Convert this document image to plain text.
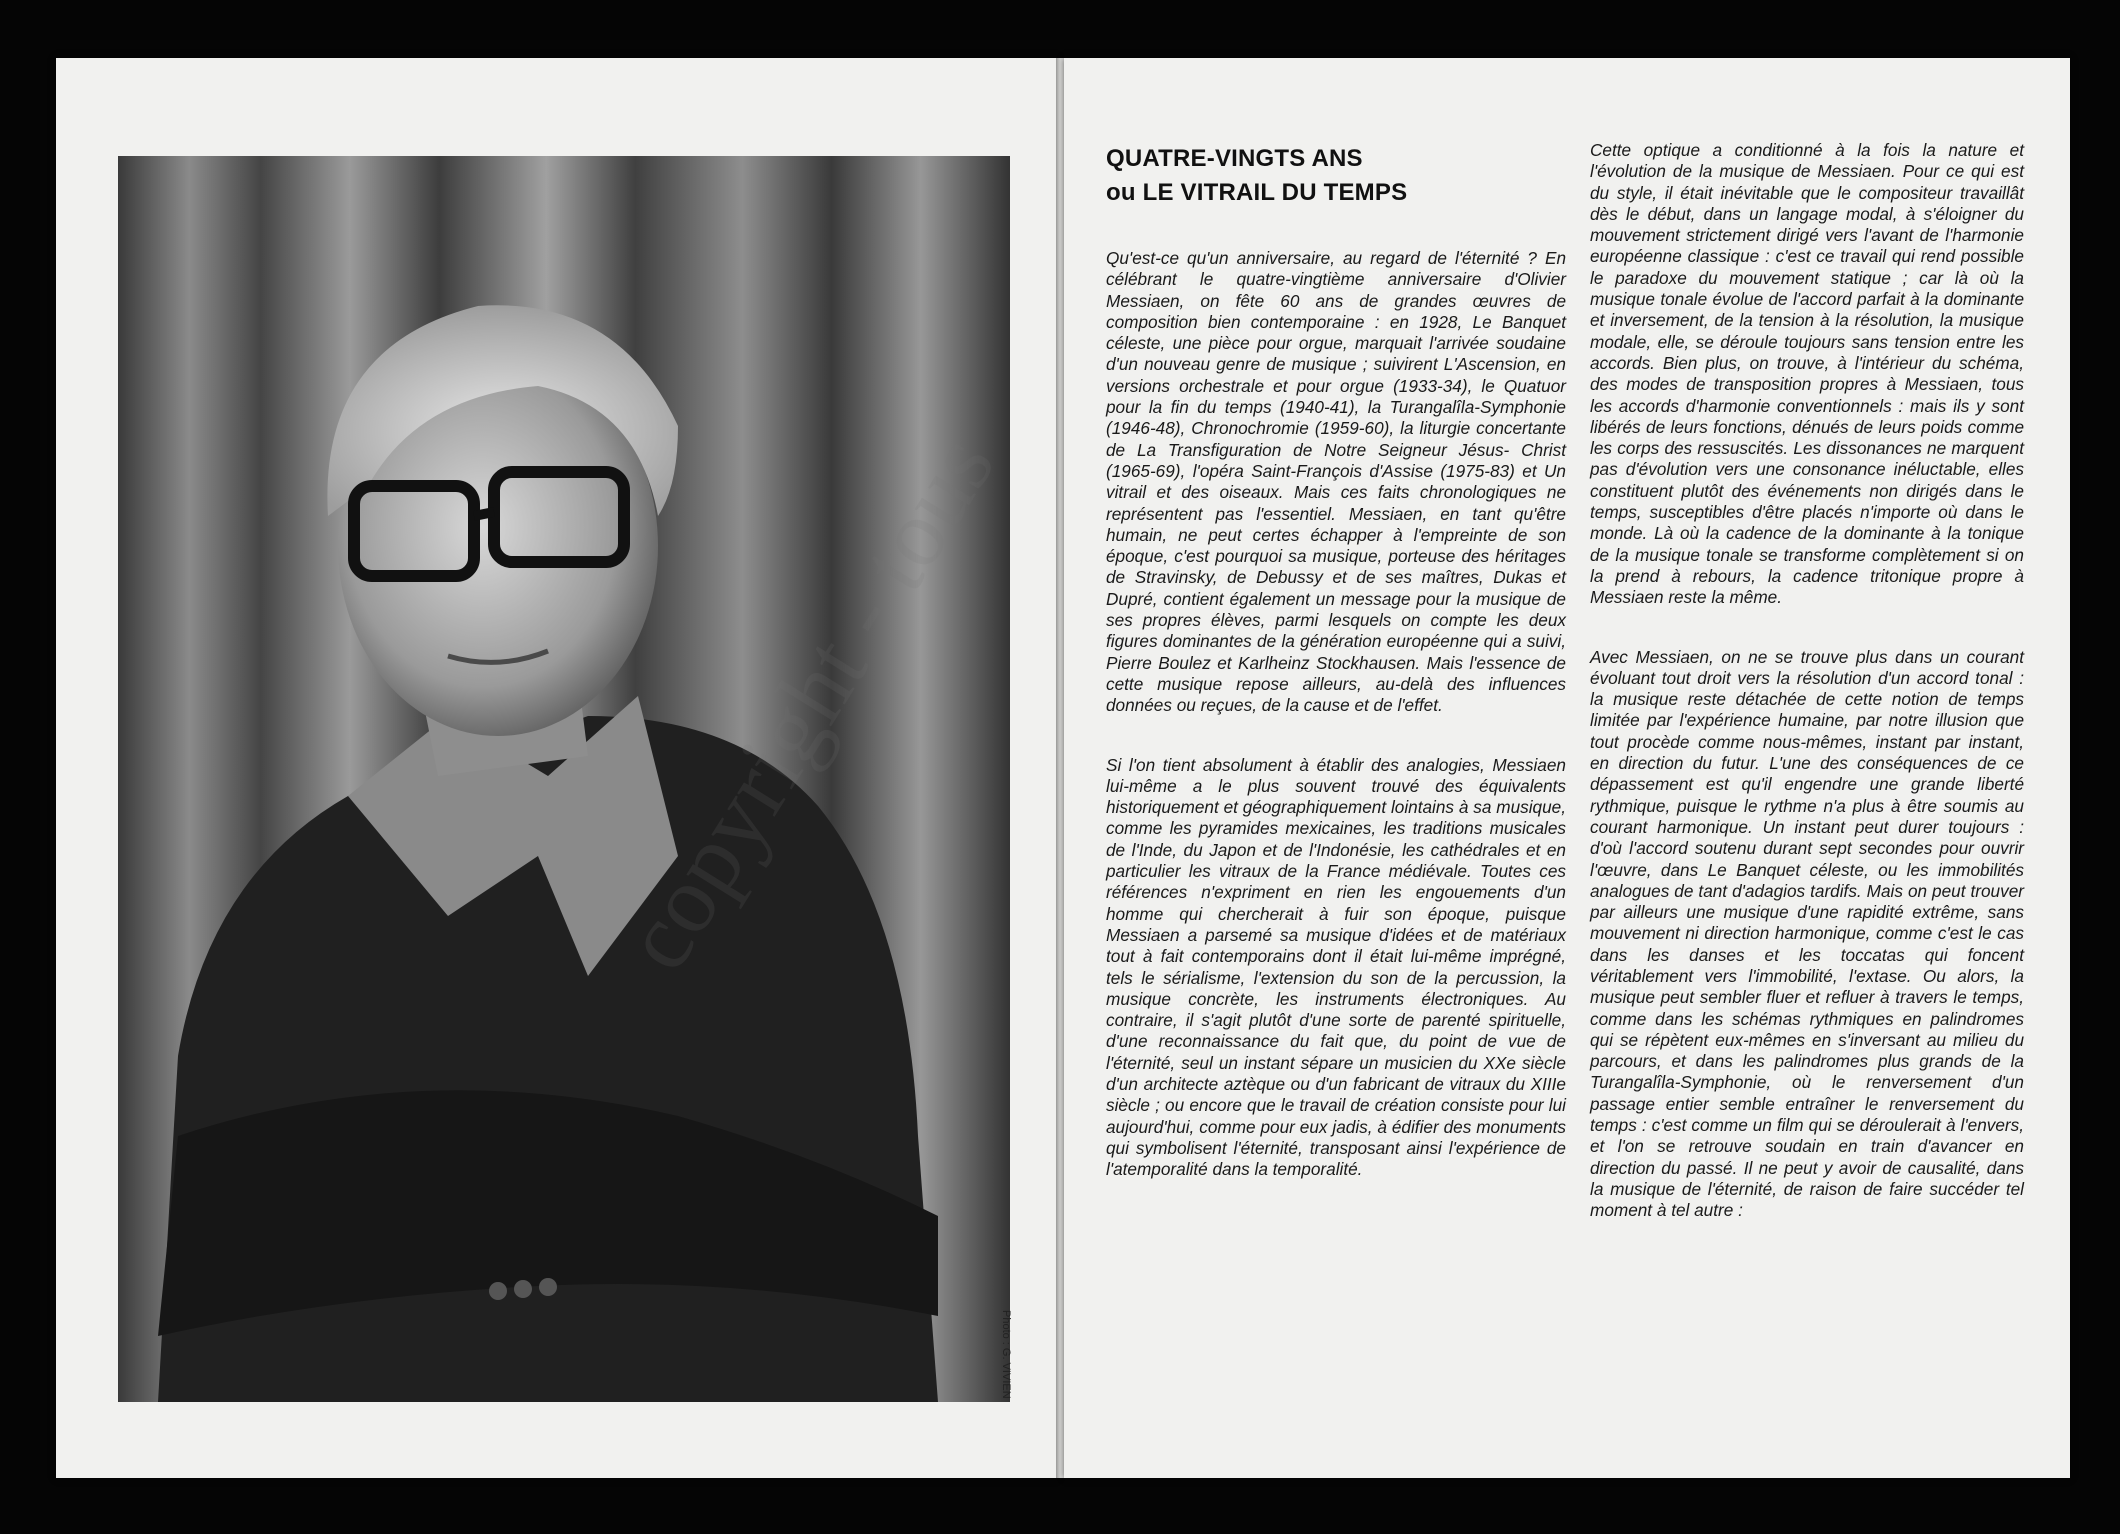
Photo : G. VIVIEN
QUATRE-VINGTS ANS
ou LE VITRAIL DU TEMPS

Qu'est-ce qu'un anniversaire, au regard de l'éternité ? En célébrant le quatre-vingtième anniversaire d'Olivier Messiaen, on fête 60 ans de grandes œuvres de composition bien contemporaine : en 1928, Le Banquet céleste, une pièce pour orgue, marquait l'arrivée soudaine d'un nouveau genre de musique ; suivirent L'Ascension, en versions orchestrale et pour orgue (1933-34), le Quatuor pour la fin du temps (1940-41), la Turangalîla-Symphonie (1946-48), Chronochromie (1959-60), la liturgie concertante de La Transfiguration de Notre Seigneur Jésus- Christ (1965-69), l'opéra Saint-François d'Assise (1975-83) et Un vitrail et des oiseaux. Mais ces faits chronologiques ne représentent pas l'essentiel. Messiaen, en tant qu'être humain, ne peut certes échapper à l'empreinte de son époque, c'est pourquoi sa musique, porteuse des héritages de Stravinsky, de Debussy et de ses maîtres, Dukas et Dupré, contient également un message pour la musique de ses propres élèves, parmi lesquels on compte les deux figures dominantes de la génération européenne qui a suivi, Pierre Boulez et Karlheinz Stockhausen. Mais l'essence de cette musique repose ailleurs, au-delà des influences données ou reçues, de la cause et de l'effet.

Si l'on tient absolument à établir des analogies, Messiaen lui-même a le plus souvent trouvé des équivalents historiquement et géographiquement lointains à sa musique, comme les pyramides mexicaines, les traditions musicales de l'Inde, du Japon et de l'Indonésie, les cathédrales et en particulier les vitraux de la France médiévale. Toutes ces références n'expriment en rien les engouements d'un homme qui chercherait à fuir son époque, puisque Messiaen a parsemé sa musique d'idées et de matériaux tout à fait contemporains dont il était lui-même imprégné, tels le sérialisme, l'extension du son de la percussion, la musique concrète, les instruments électroniques. Au contraire, il s'agit plutôt d'une sorte de parenté spirituelle, d'une reconnaissance du fait que, du point de vue de l'éternité, seul un instant sépare un musicien du XXe siècle d'un architecte aztèque ou d'un fabricant de vitraux du XIIIe siècle ; ou encore que le travail de création consiste pour lui aujourd'hui, comme pour eux jadis, à édifier des monuments qui symbolisent l'éternité, transposant ainsi l'expérience de l'atemporalité dans la temporalité.

Cette optique a conditionné à la fois la nature et l'évolution de la musique de Messiaen. Pour ce qui est du style, il était inévitable que le compositeur travaillât dès le début, dans un langage modal, à s'éloigner du mouvement strictement dirigé vers l'avant de l'harmonie européenne classique : c'est ce travail qui rend possible le paradoxe du mouvement statique ; car là où la musique tonale évolue de l'accord parfait à la dominante et inversement, de la tension à la résolution, la musique modale, elle, se déroule toujours sans tension entre les accords. Bien plus, on trouve, à l'intérieur du schéma, des modes de transposition propres à Messiaen, tous les accords d'harmonie conventionnels : mais ils y sont libérés de leurs fonctions, dénués de leurs poids comme les corps des ressuscités. Les dissonances ne marquent pas d'évolution vers une consonance inéluctable, elles constituent plutôt des événements non dirigés dans le temps, susceptibles d'être placés n'importe où dans le monde. Là où la cadence de la dominante à la tonique de la musique tonale se transforme complètement si on la prend à rebours, la cadence tritonique propre à Messiaen reste la même.

Avec Messiaen, on ne se trouve plus dans un courant évoluant tout droit vers la résolution d'un accord tonal : la musique reste détachée de cette notion de temps limitée par l'expérience humaine, par notre illusion que tout procède comme nous-mêmes, instant par instant, en direction du futur. L'une des conséquences de ce dépassement est qu'il engendre une grande liberté rythmique, puisque le rythme n'a plus à être soumis au courant harmonique. Un instant peut durer toujours : d'où l'accord soutenu durant sept secondes pour ouvrir l'œuvre, dans Le Banquet céleste, ou les immobilités analogues de tant d'adagios tardifs. Mais on peut trouver par ailleurs une musique d'une rapidité extrême, sans mouvement ni direction harmonique, comme c'est le cas dans les danses et les toccatas qui foncent véritablement vers l'immobilité, l'extase. Ou alors, la musique peut sembler fluer et refluer à travers le temps, comme dans les schémas rythmiques en palindromes qui se répètent eux-mêmes en s'inversant au milieu du parcours, et dans les palindromes plus grands de la Turangalîla-Symphonie, où le renversement d'un passage entier semble entraîner le renversement du temps : c'est comme un film qui se déroulerait à l'envers, et l'on se retrouve soudain en train d'avancer en direction du passé. Il ne peut y avoir de causalité, dans la musique de l'éternité, de raison de faire succéder tel moment à tel autre :
